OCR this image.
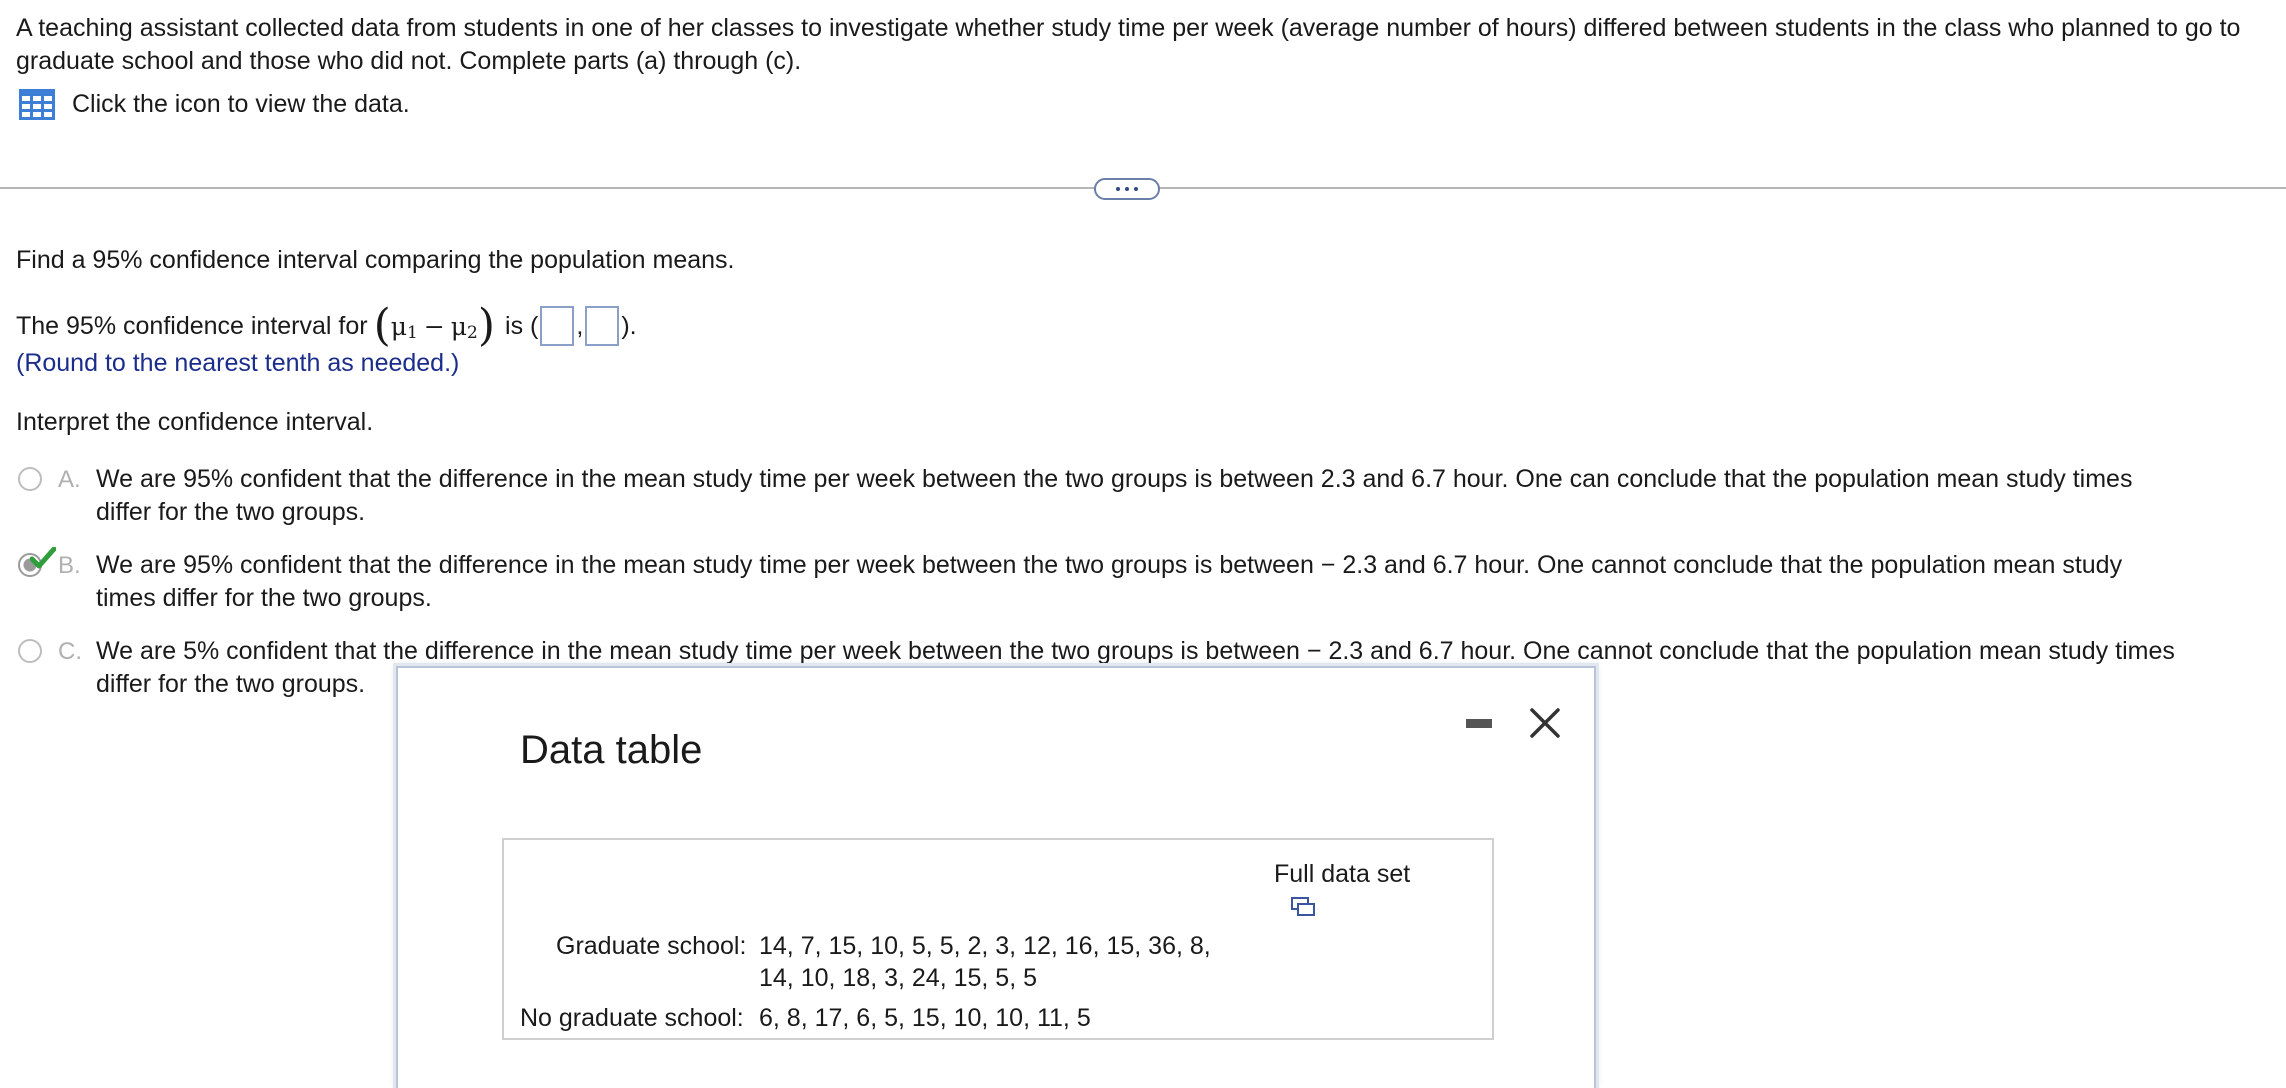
A teaching assistant collected data from students in one of her classes to investigate whether study time per week (average number of hours) differed between students in the class who planned to go to graduate school and those who did not. Complete parts (a) through (c).
Click the icon to view the data.
Find a 95% confidence interval comparing the population means.
The 95% confidence interval for ( μ 1 − μ 2 ) is ( , ).
(Round to the nearest tenth as needed.)
Interpret the confidence interval.
A. We are 95% confident that the difference in the mean study time per week between the two groups is between 2.3 and 6.7 hour. One can conclude that the population mean study times
differ for the two groups.
B. We are 95% confident that the difference in the mean study time per week between the two groups is between − 2.3 and 6.7 hour. One cannot conclude that the population mean study
times differ for the two groups.
C. We are 5% confident that the difference in the mean study time per week between the two groups is between − 2.3 and 6.7 hour. One cannot conclude that the population mean study times
differ for the two groups.
Data table
Full data set
Graduate school: 14, 7, 15, 10, 5, 5, 2, 3, 12, 16, 15, 36, 8,
14, 10, 18, 3, 24, 15, 5, 5
No graduate school: 6, 8, 17, 6, 5, 15, 10, 10, 11, 5
